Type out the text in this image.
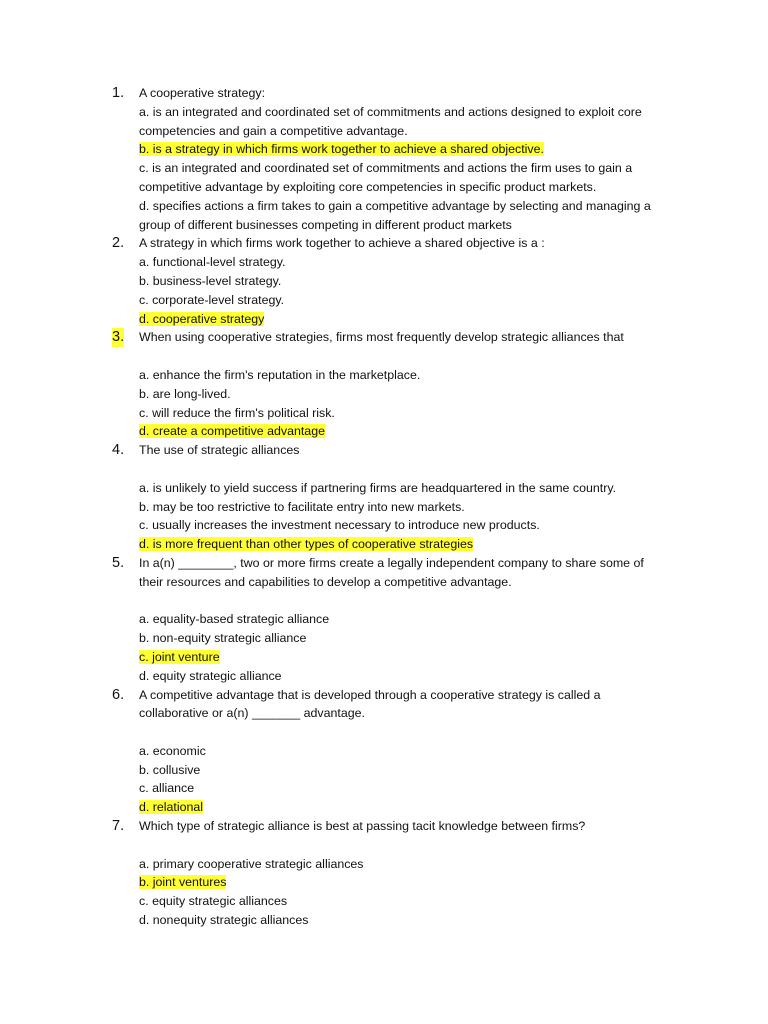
1. A cooperative strategy:
a. is an integrated and coordinated set of commitments and actions designed to exploit core
competencies and gain a competitive advantage.
b. is a strategy in which firms work together to achieve a shared objective.
c. is an integrated and coordinated set of commitments and actions the firm uses to gain a
competitive advantage by exploiting core competencies in specific product markets.
d. specifies actions a firm takes to gain a competitive advantage by selecting and managing a
group of different businesses competing in different product markets
2. A strategy in which firms work together to achieve a shared objective is a :
a. functional-level strategy.
b. business-level strategy.
c. corporate-level strategy.
d. cooperative strategy
3. When using cooperative strategies, firms most frequently develop strategic alliances that
a. enhance the firm's reputation in the marketplace.
b. are long-lived.
c. will reduce the firm's political risk.
d. create a competitive advantage
4. The use of strategic alliances
a. is unlikely to yield success if partnering firms are headquartered in the same country.
b. may be too restrictive to facilitate entry into new markets.
c. usually increases the investment necessary to introduce new products.
d. is more frequent than other types of cooperative strategies
5. In a(n) ________, two or more firms create a legally independent company to share some of
their resources and capabilities to develop a competitive advantage.
a. equality-based strategic alliance
b. non-equity strategic alliance
c. joint venture
d. equity strategic alliance
6. A competitive advantage that is developed through a cooperative strategy is called a
collaborative or a(n) _______ advantage.
a. economic
b. collusive
c. alliance
d. relational
7. Which type of strategic alliance is best at passing tacit knowledge between firms?
a. primary cooperative strategic alliances
b. joint ventures
c. equity strategic alliances
d. nonequity strategic alliances
